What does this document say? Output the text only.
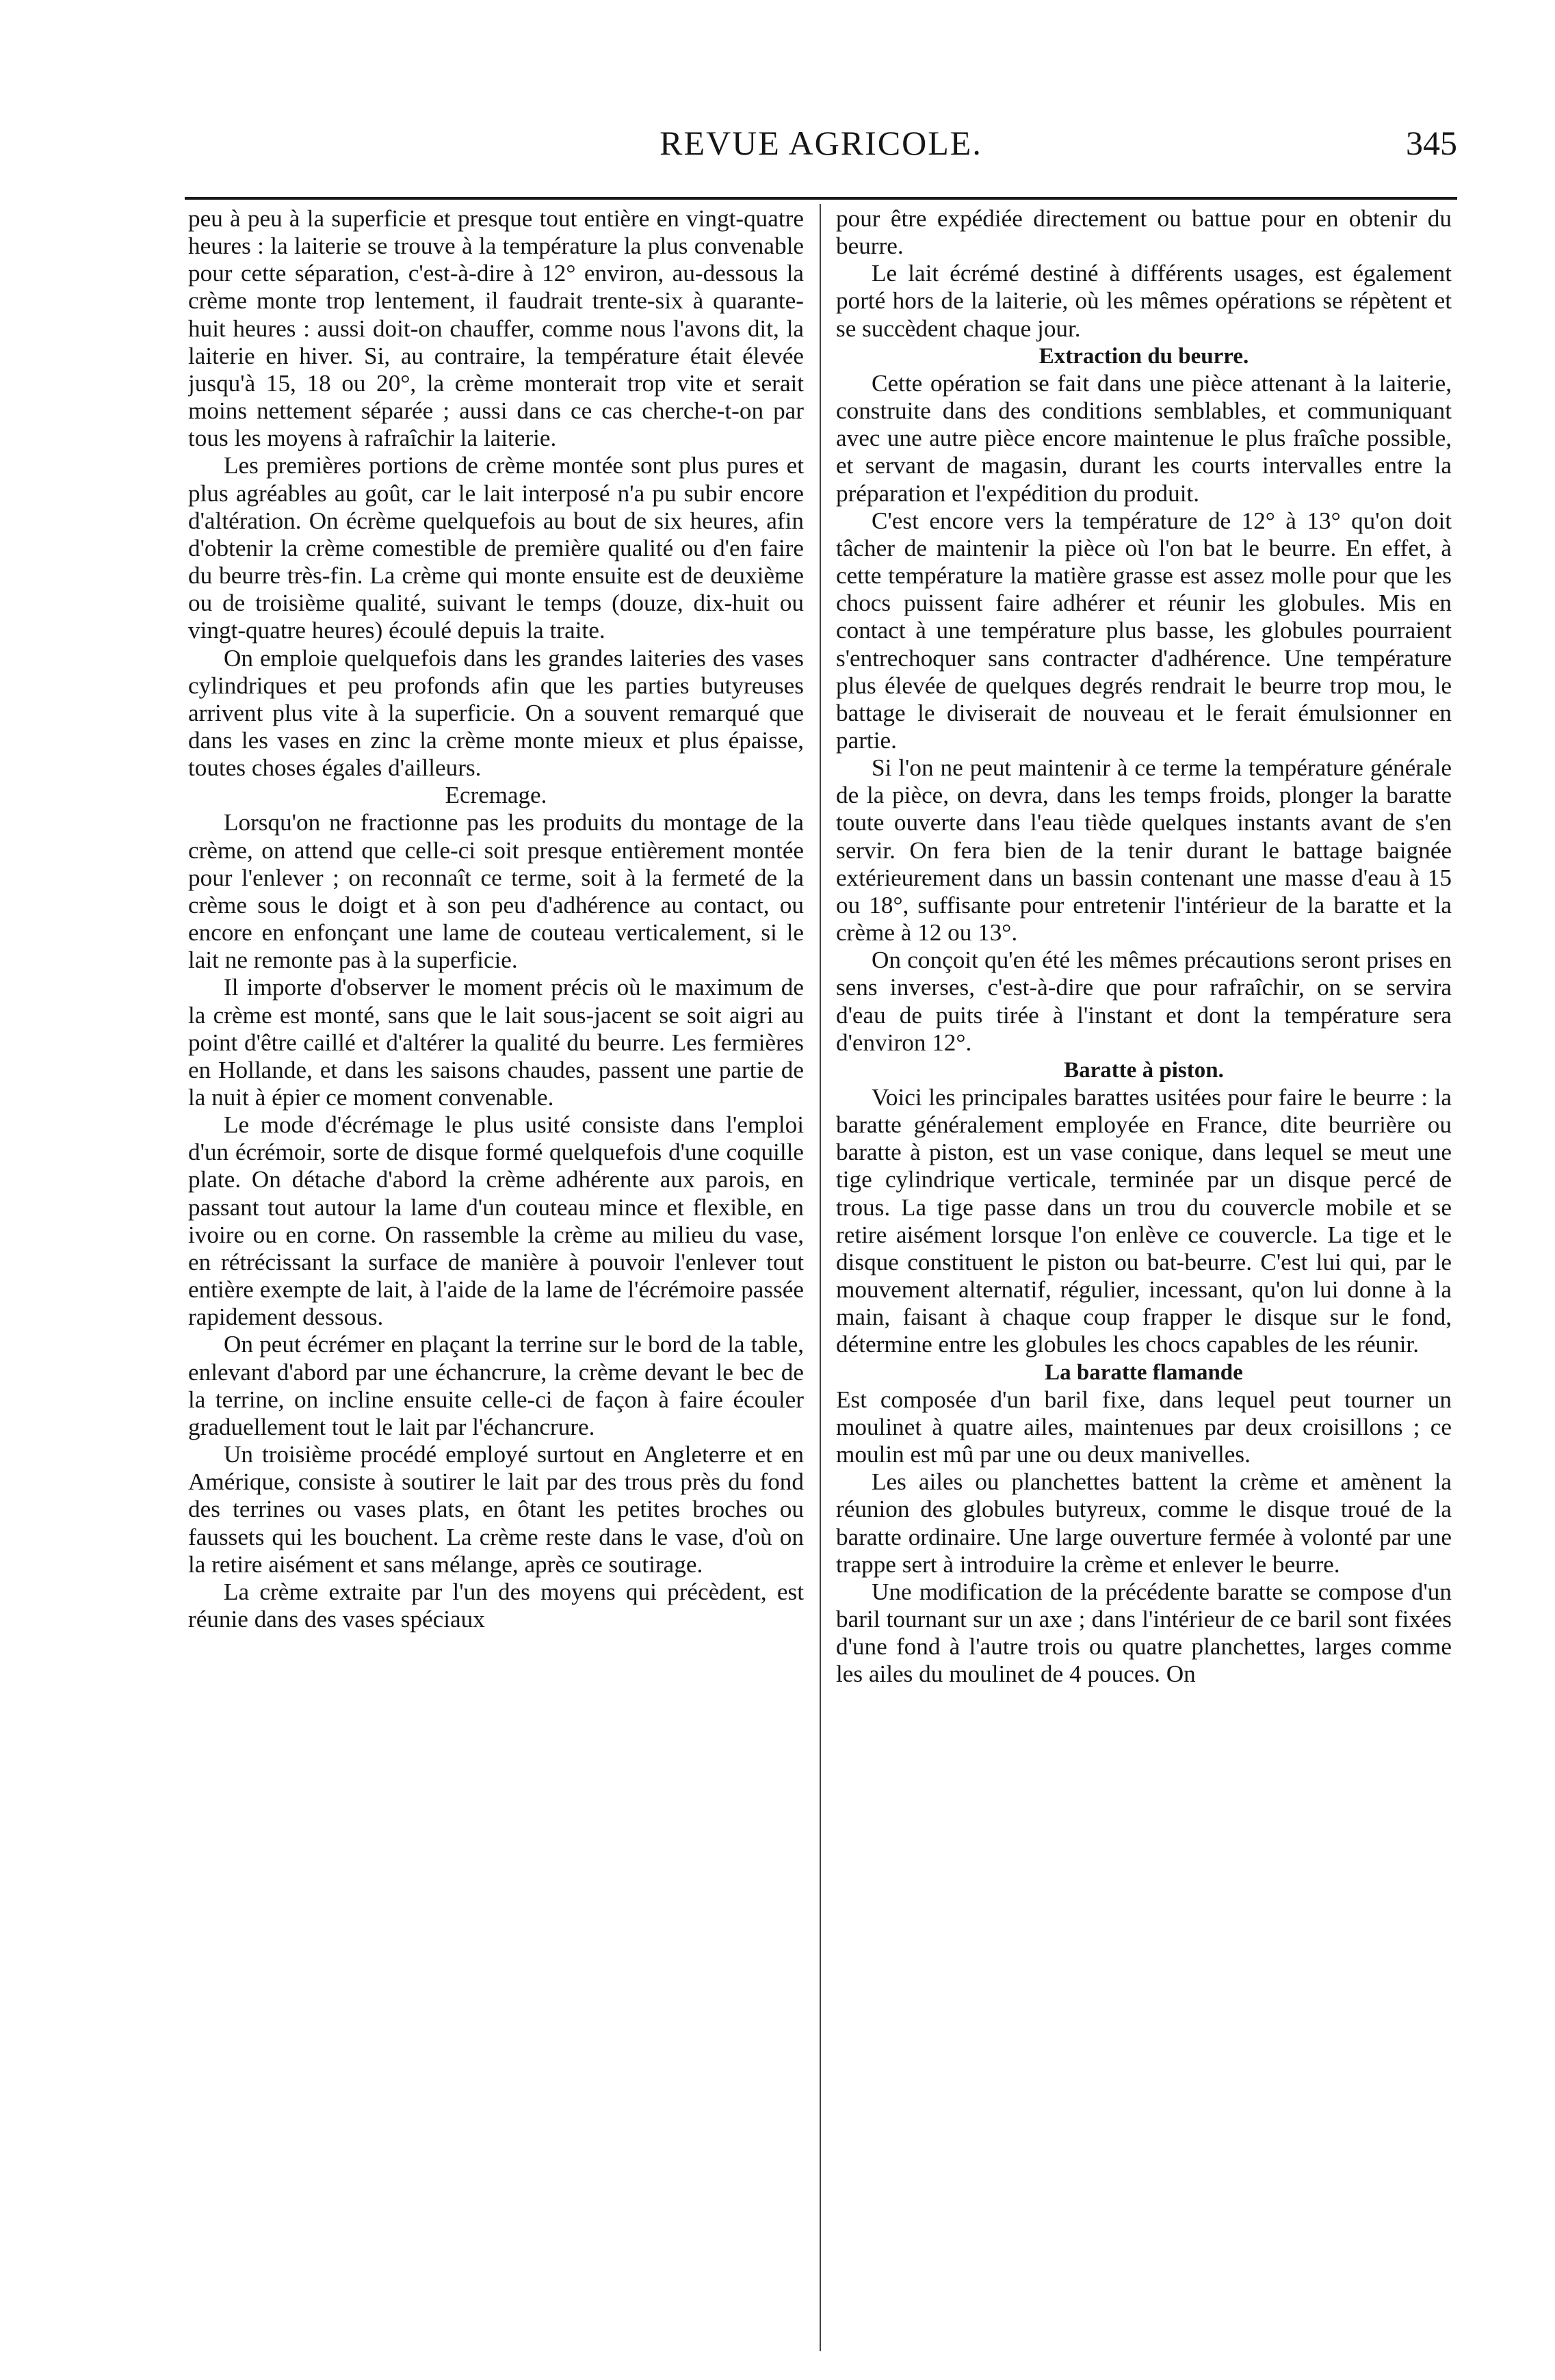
REVUE AGRICOLE.	345

peu à peu à la superficie et presque tout entière en vingt-quatre heures : la laiterie se trouve à la température la plus convenable pour cette séparation, c'est-à-dire à 12° environ, au-dessous la crème monte trop lentement, il faudrait trente-six à quarante-huit heures : aussi doit-on chauffer, comme nous l'avons dit, la laiterie en hiver. Si, au contraire, la température était élevée jusqu'à 15, 18 ou 20°, la crème monterait trop vite et serait moins nettement séparée ; aussi dans ce cas cherche-t-on par tous les moyens à rafraîchir la laiterie.

Les premières portions de crème montée sont plus pures et plus agréables au goût, car le lait interposé n'a pu subir encore d'altération. On écrème quelquefois au bout de six heures, afin d'obtenir la crème comestible de première qualité ou d'en faire du beurre très-fin. La crème qui monte ensuite est de deuxième ou de troisième qualité, suivant le temps (douze, dix-huit ou vingt-quatre heures) écoulé depuis la traite.

On emploie quelquefois dans les grandes laiteries des vases cylindriques et peu profonds afin que les parties butyreuses arrivent plus vite à la superficie. On a souvent remarqué que dans les vases en zinc la crème monte mieux et plus épaisse, toutes choses égales d'ailleurs.

Ecremage.

Lorsqu'on ne fractionne pas les produits du montage de la crème, on attend que celle-ci soit presque entièrement montée pour l'enlever ; on reconnaît ce terme, soit à la fermeté de la crème sous le doigt et à son peu d'adhérence au contact, ou encore en enfonçant une lame de couteau verticalement, si le lait ne remonte pas à la superficie.

Il importe d'observer le moment précis où le maximum de la crème est monté, sans que le lait sous-jacent se soit aigri au point d'être caillé et d'altérer la qualité du beurre. Les fermières en Hollande, et dans les saisons chaudes, passent une partie de la nuit à épier ce moment convenable.

Le mode d'écrémage le plus usité consiste dans l'emploi d'un écrémoir, sorte de disque formé quelquefois d'une coquille plate. On détache d'abord la crème adhérente aux parois, en passant tout autour la lame d'un couteau mince et flexible, en ivoire ou en corne. On rassemble la crème au milieu du vase, en rétrécissant la surface de manière à pouvoir l'enlever tout entière exempte de lait, à l'aide de la lame de l'écrémoire passée rapidement dessous.

On peut écrémer en plaçant la terrine sur le bord de la table, enlevant d'abord par une échancrure, la crème devant le bec de la terrine, on incline ensuite celle-ci de façon à faire écouler graduellement tout le lait par l'échancrure.

Un troisième procédé employé surtout en Angleterre et en Amérique, consiste à soutirer le lait par des trous près du fond des terrines ou vases plats, en ôtant les petites broches ou faussets qui les bouchent. La crème reste dans le vase, d'où on la retire aisément et sans mélange, après ce soutirage.

La crème extraite par l'un des moyens qui précèdent, est réunie dans des vases spéciaux

pour être expédiée directement ou battue pour en obtenir du beurre.

Le lait écrémé destiné à différents usages, est également porté hors de la laiterie, où les mêmes opérations se répètent et se succèdent chaque jour.

Extraction du beurre.

Cette opération se fait dans une pièce attenant à la laiterie, construite dans des conditions semblables, et communiquant avec une autre pièce encore maintenue le plus fraîche possible, et servant de magasin, durant les courts intervalles entre la préparation et l'expédition du produit.

C'est encore vers la température de 12° à 13° qu'on doit tâcher de maintenir la pièce où l'on bat le beurre. En effet, à cette température la matière grasse est assez molle pour que les chocs puissent faire adhérer et réunir les globules. Mis en contact à une température plus basse, les globules pourraient s'entrechoquer sans contracter d'adhérence. Une température plus élevée de quelques degrés rendrait le beurre trop mou, le battage le diviserait de nouveau et le ferait émulsionner en partie.

Si l'on ne peut maintenir à ce terme la température générale de la pièce, on devra, dans les temps froids, plonger la baratte toute ouverte dans l'eau tiède quelques instants avant de s'en servir. On fera bien de la tenir durant le battage baignée extérieurement dans un bassin contenant une masse d'eau à 15 ou 18°, suffisante pour entretenir l'intérieur de la baratte et la crème à 12 ou 13°.

On conçoit qu'en été les mêmes précautions seront prises en sens inverses, c'est-à-dire que pour rafraîchir, on se servira d'eau de puits tirée à l'instant et dont la température sera d'environ 12°.

Baratte à piston.

Voici les principales barattes usitées pour faire le beurre : la baratte généralement employée en France, dite beurrière ou baratte à piston, est un vase conique, dans lequel se meut une tige cylindrique verticale, terminée par un disque percé de trous. La tige passe dans un trou du couvercle mobile et se retire aisément lorsque l'on enlève ce couvercle. La tige et le disque constituent le piston ou bat-beurre. C'est lui qui, par le mouvement alternatif, régulier, incessant, qu'on lui donne à la main, faisant à chaque coup frapper le disque sur le fond, détermine entre les globules les chocs capables de les réunir.

La baratte flamande

Est composée d'un baril fixe, dans lequel peut tourner un moulinet à quatre ailes, maintenues par deux croisillons ; ce moulin est mû par une ou deux manivelles.

Les ailes ou planchettes battent la crème et amènent la réunion des globules butyreux, comme le disque troué de la baratte ordinaire. Une large ouverture fermée à volonté par une trappe sert à introduire la crème et enlever le beurre.

Une modification de la précédente baratte se compose d'un baril tournant sur un axe ; dans l'intérieur de ce baril sont fixées d'une fond à l'autre trois ou quatre planchettes, larges comme les ailes du moulinet de 4 pouces. On
